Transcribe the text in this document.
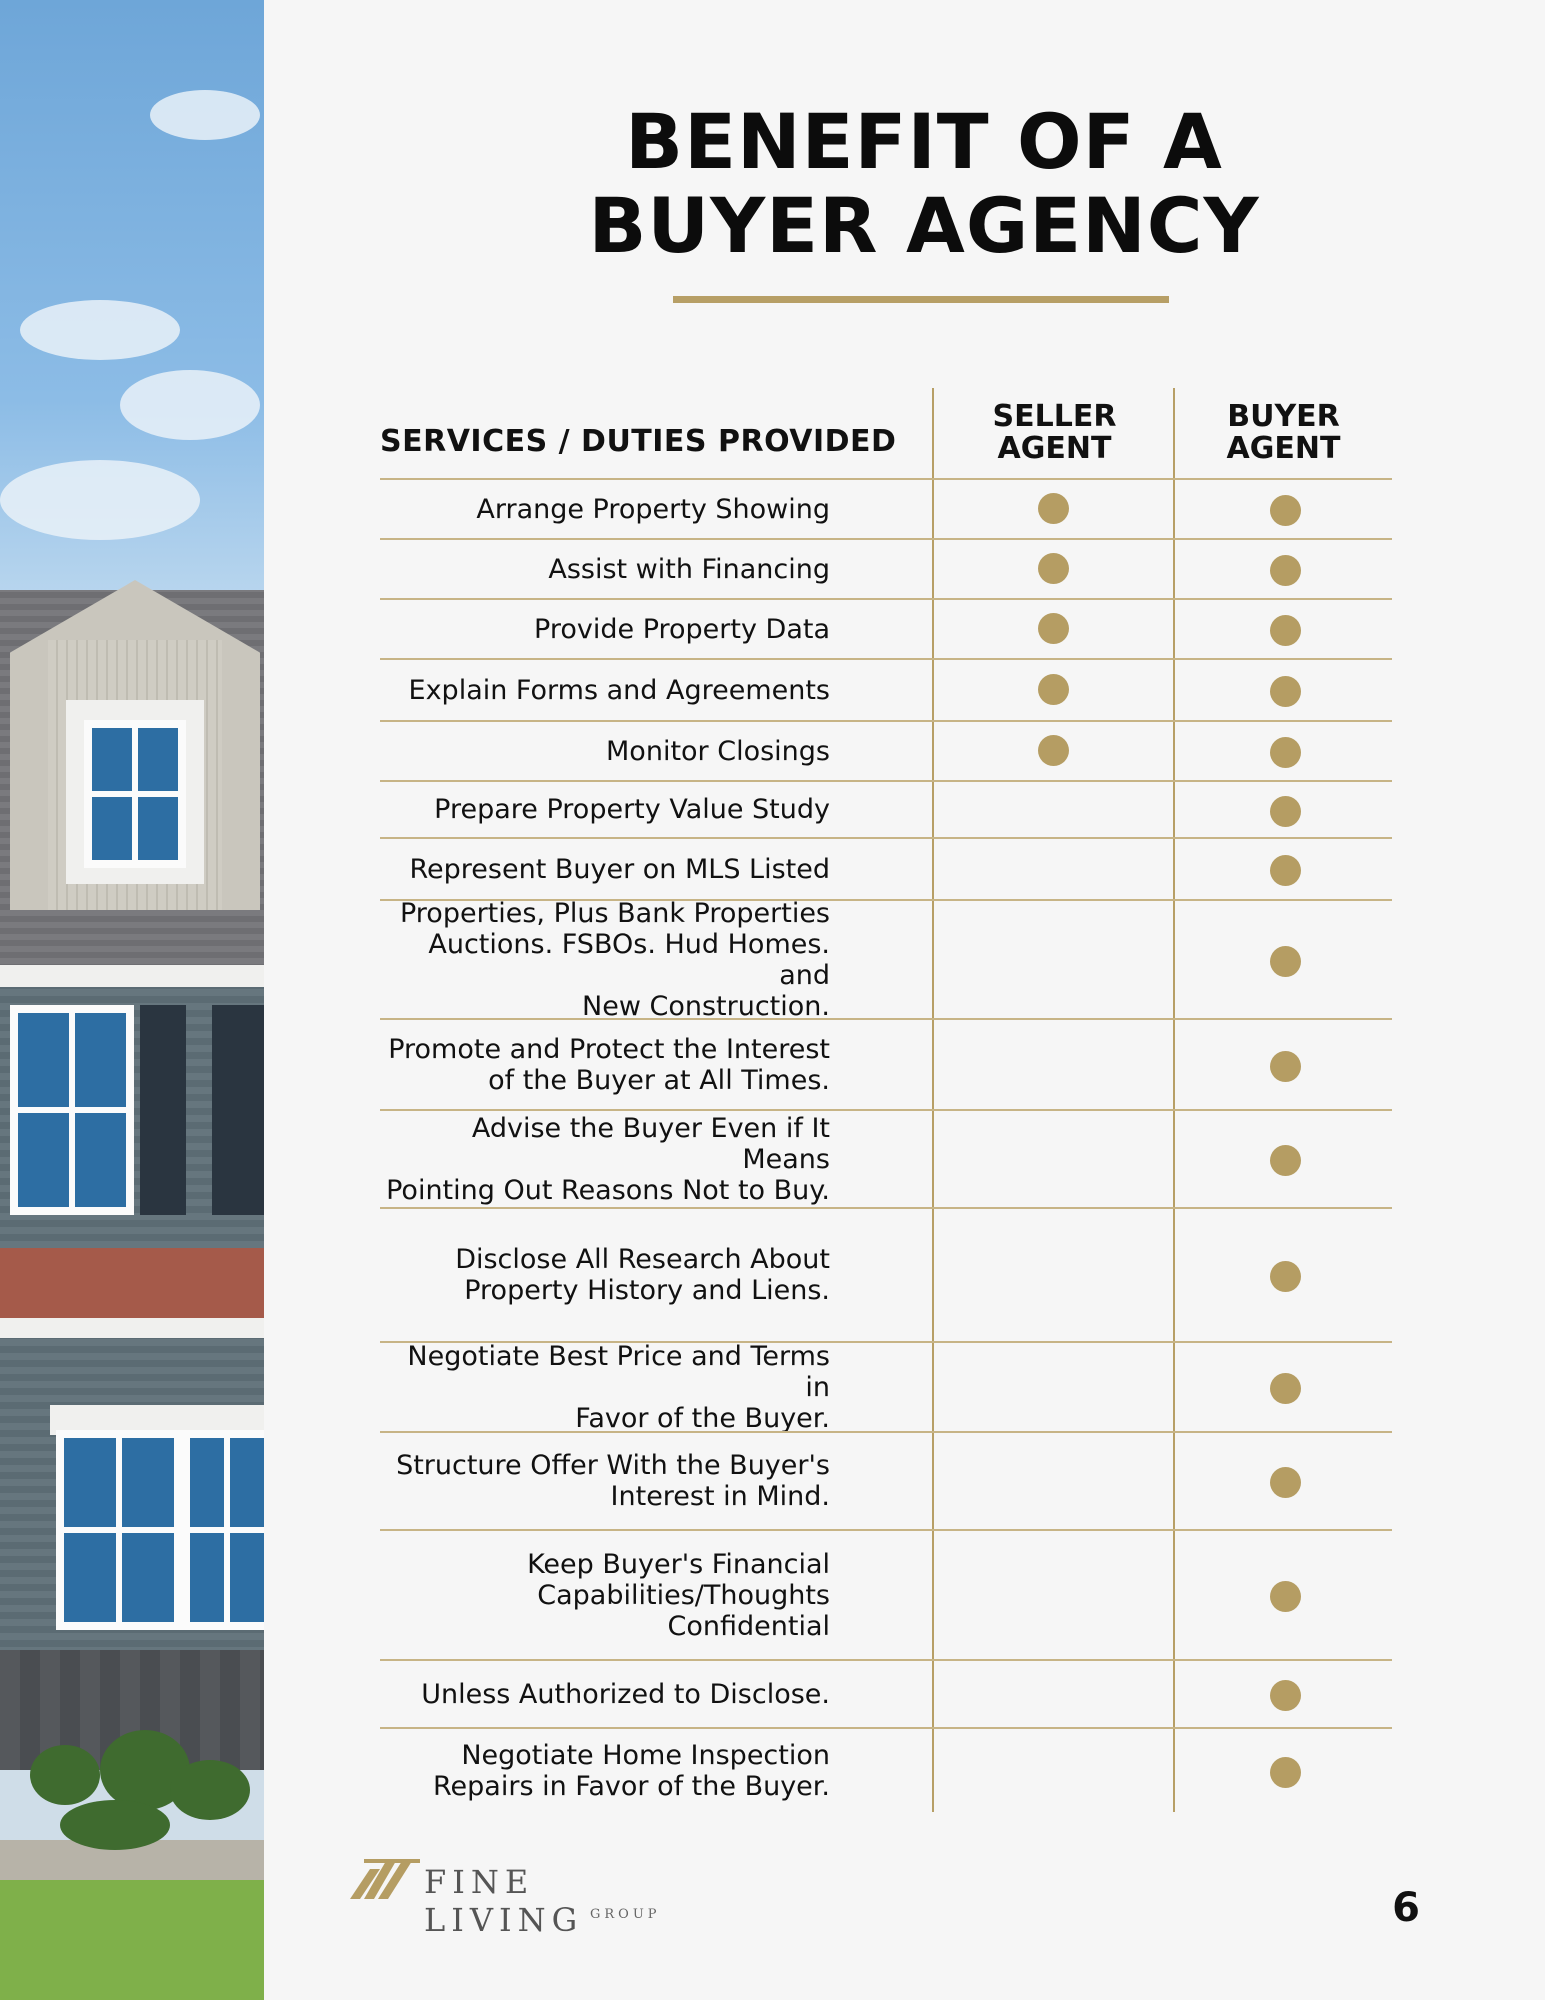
BENEFIT OF A
BUYER AGENCY
SERVICES / DUTIES PROVIDED
SELLER
AGENT
BUYER
AGENT
Arrange Property Showing
Assist with Financing
Provide Property Data
Explain Forms and Agreements
Monitor Closings
Prepare Property Value Study
Represent Buyer on MLS Listed
Properties, Plus Bank Properties
Auctions. FSBOs. Hud Homes. and
New Construction.
Promote and Protect the Interest
of the Buyer at All Times.
Advise the Buyer Even if It Means
Pointing Out Reasons Not to Buy.
Disclose All Research About
Property History and Liens.
Negotiate Best Price and Terms in
Favor of the Buyer.
Structure Offer With the Buyer's
Interest in Mind.
Keep Buyer's Financial
Capabilities/Thoughts Confidential
Unless Authorized to Disclose.
Negotiate Home Inspection
Repairs in Favor of the Buyer.
FINE LIVING GROUP	6
